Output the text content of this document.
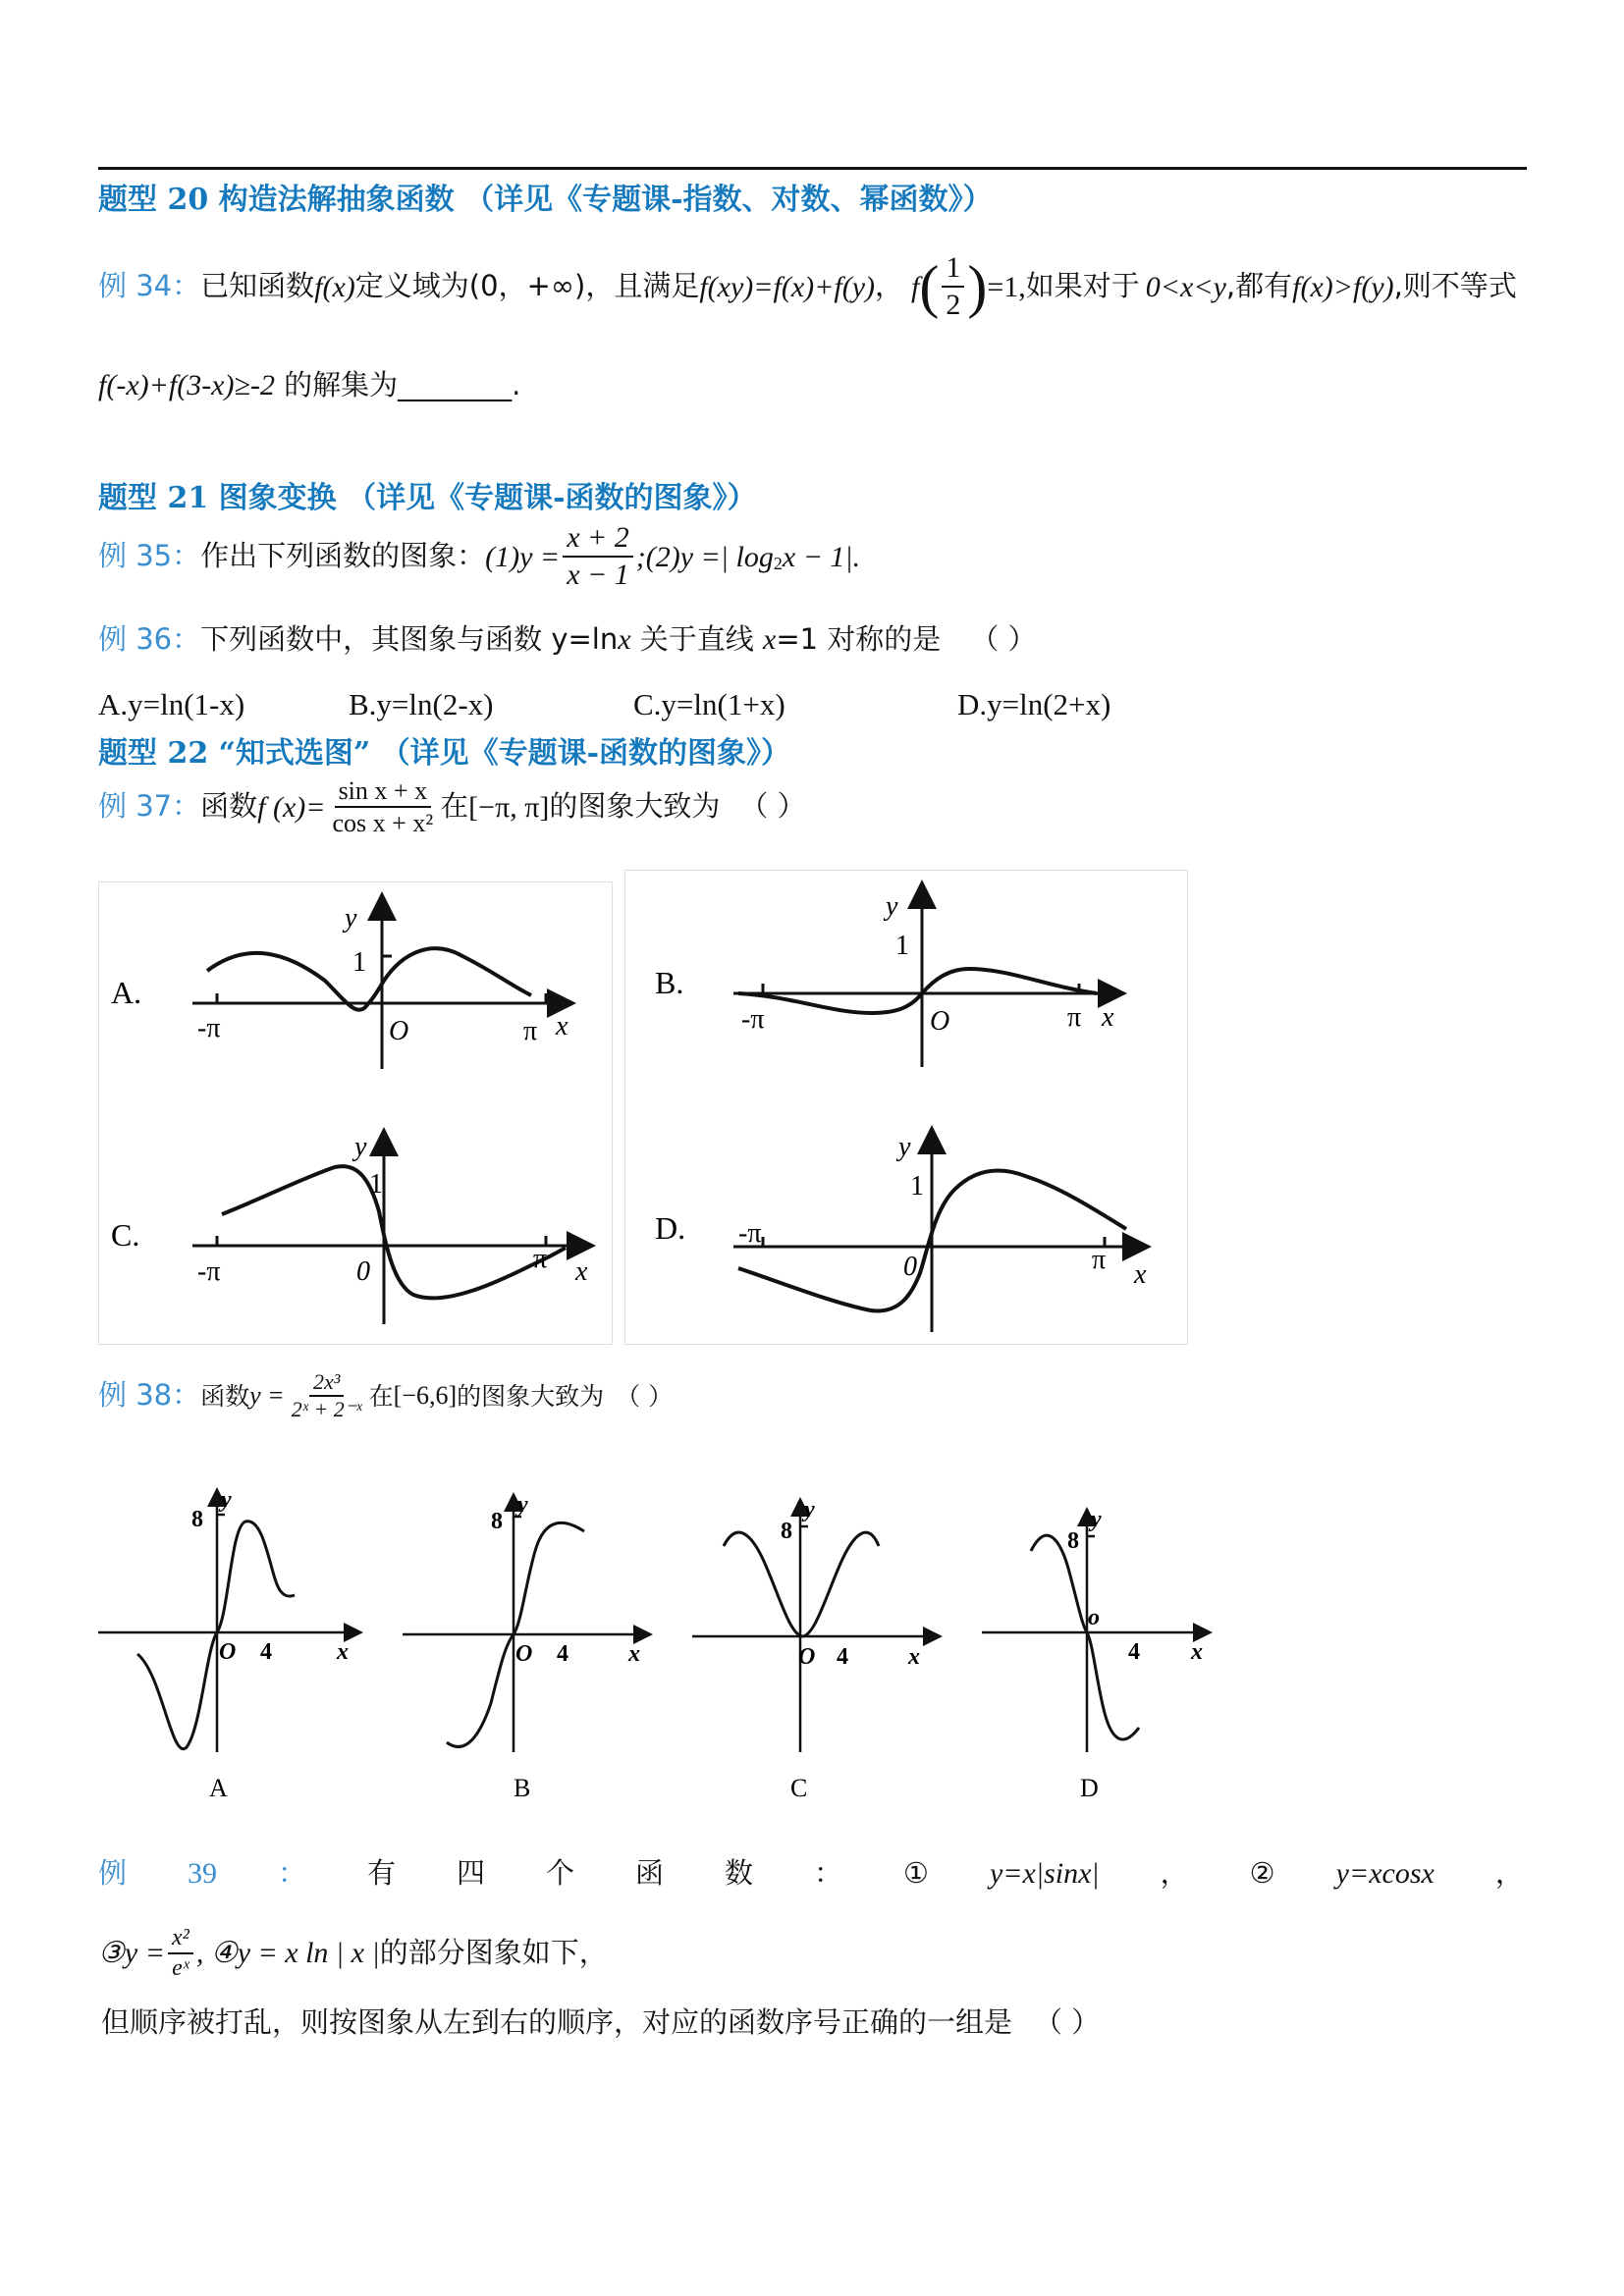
题型 20 构造法解抽象函数 （详见《专题课-指数、对数、幂函数》）
例 34： 已知函数 f(x) 定义域为(0，+∞)，且满足 f(xy)=f(x)+f(y) ， f ( $\frac{1}{2}$ ) =1, 如果对于 0<x<y ,都有 f(x)>f(y) ,则不等式
f(-x)+f(3-x)≥-2 的解集为________.
题型 21 图象变换 （详见《专题课-函数的图象》）
例 35： 作出下列函数的图象： $(1)y = \frac{x + 2}{x - 1}$ ;(2)y =| $\log_2 x - 1|$.
例 36：下列函数中，其图象与函数 y=lnx 关于直线 x=1 对称的是 （ ）
A.y=ln(1-x)	B.y=ln(2-x)	C.y=ln(1+x)	D.y=ln(2+x)
题型 22 “知式选图” （详见《专题课-函数的图象》）
例 37： 函数 f $(x)= \frac{\text{sin x + x}}{\text{cos x + x²}}$ 在 [−π, π] 的图象大致为 （ ）
A.
y
1
-π	O	π x
C.
y
1
-π	0	π x
B.
y
1
-π	O	π x
D.
y
1
-π
0	π x
例 38： 函数 $y = \frac{\text{2x³}}{\text{2ˣ + 2⁻ˣ}}$ 在 [−6,6] 的图象大致为 （ ）
8
y
O 4	x
A
8
y
O 4	x
B
8
y
O 4	x
C
8
y
o
4 x
D
例 39 ： 有 四 个 函 数 ： ① y=x|sinx| ， ② y=xcosx ，
③y = $\frac{\text{x²}}{\text{eˣ}}$ , ④y = x ln | x | 的部分图象如下，
但顺序被打乱，则按图象从左到右的顺序，对应的函数序号正确的一组是 （ ）
